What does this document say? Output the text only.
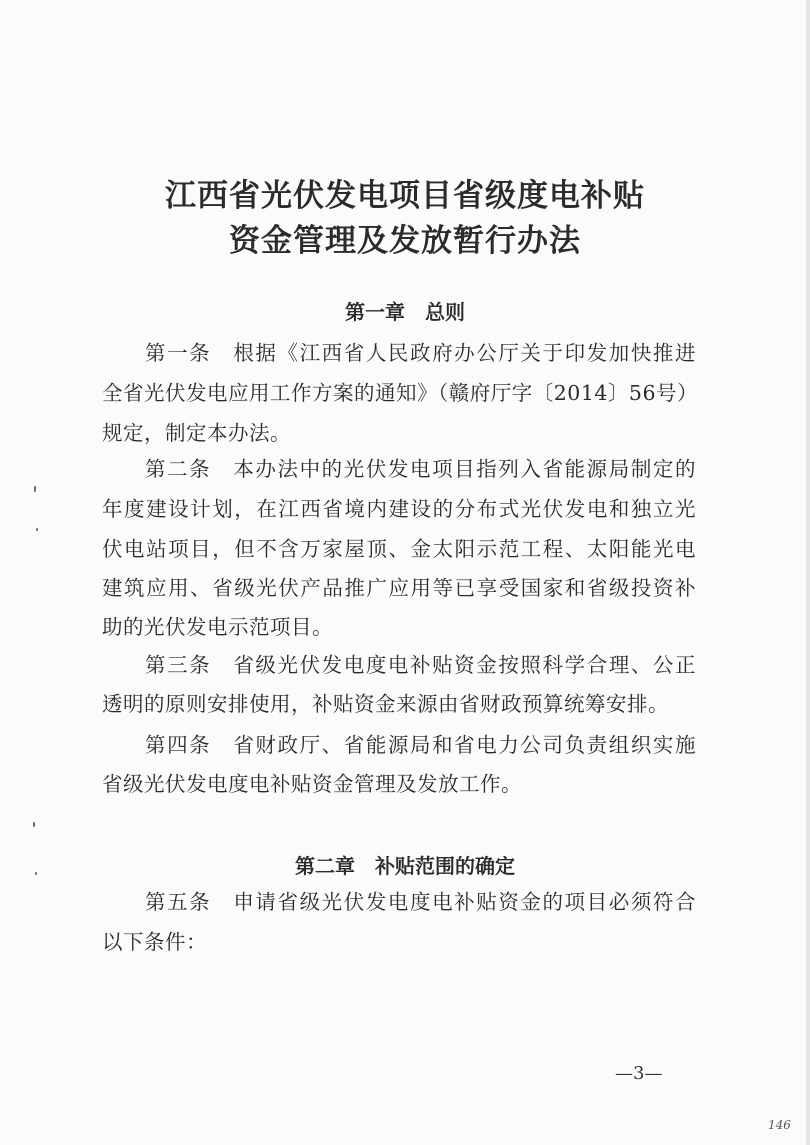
江西省光伏发电项目省级度电补贴
资金管理及发放暂行办法
第一章　总则

第一条　根据《江西省人民政府办公厅关于印发加快推进

全省光伏发电应用工作方案的通知》（赣府厅字〔2014〕56号）

规定，制定本办法。

第二条　本办法中的光伏发电项目指列入省能源局制定的

年度建设计划，在江西省境内建设的分布式光伏发电和独立光

伏电站项目，但不含万家屋顶、金太阳示范工程、太阳能光电

建筑应用、省级光伏产品推广应用等已享受国家和省级投资补

助的光伏发电示范项目。

第三条　省级光伏发电度电补贴资金按照科学合理、公正

透明的原则安排使用，补贴资金来源由省财政预算统筹安排。

第四条　省财政厅、省能源局和省电力公司负责组织实施

省级光伏发电度电补贴资金管理及发放工作。

第二章　补贴范围的确定

第五条　申请省级光伏发电度电补贴资金的项目必须符合

以下条件：

—3—

146
